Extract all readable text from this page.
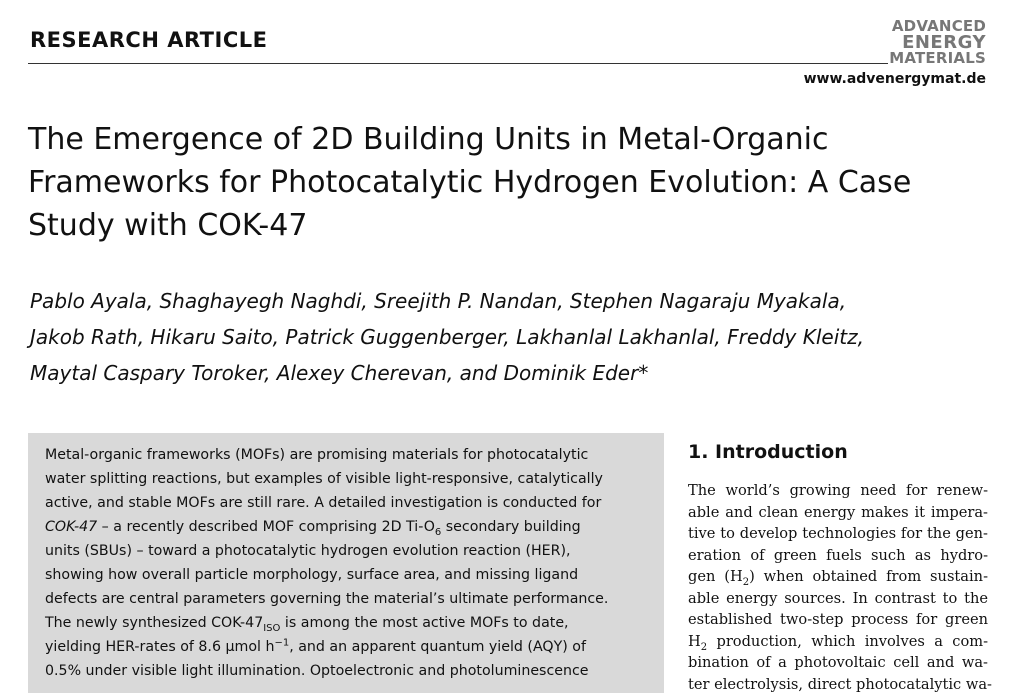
RESEARCH ARTICLE
ADVANCED
ENERGY
MATERIALS
www.advenergymat.de
The Emergence of 2D Building Units in Metal-Organic Frameworks for Photocatalytic Hydrogen Evolution: A Case Study with COK-47
Pablo Ayala, Shaghayegh Naghdi, Sreejith P. Nandan, Stephen Nagaraju Myakala,
Jakob Rath, Hikaru Saito, Patrick Guggenberger, Lakhanlal Lakhanlal, Freddy Kleitz,
Maytal Caspary Toroker, Alexey Cherevan, and Dominik Eder*
Metal-organic frameworks (MOFs) are promising materials for photocatalytic
water splitting reactions, but examples of visible light-responsive, catalytically
active, and stable MOFs are still rare. A detailed investigation is conducted for
COK-47 – a recently described MOF comprising 2D $Ti-O_6$ secondary building
units (SBUs) – toward a photocatalytic hydrogen evolution reaction (HER),
showing how overall particle morphology, surface area, and missing ligand
defects are central parameters governing the material’s ultimate performance.
The newly synthesized COK-$47_{ISO}$ is among the most active MOFs to date,
yielding HER-rates of 8.6 µmol $h^{-1}$, and an apparent quantum yield (AQY) of
0.5% under visible light illumination. Optoelectronic and photoluminescence
1. Introduction
The world’s growing need for renew-
able and clean energy makes it impera-
tive to develop technologies for the gen-
eration of green fuels such as hydro-
gen $(H_2)$ when obtained from sustain-
able energy sources. In contrast to the
established two-step process for green
$H_2$ production, which involves a com-
bination of a photovoltaic cell and wa-
ter electrolysis, direct photocatalytic wa-
